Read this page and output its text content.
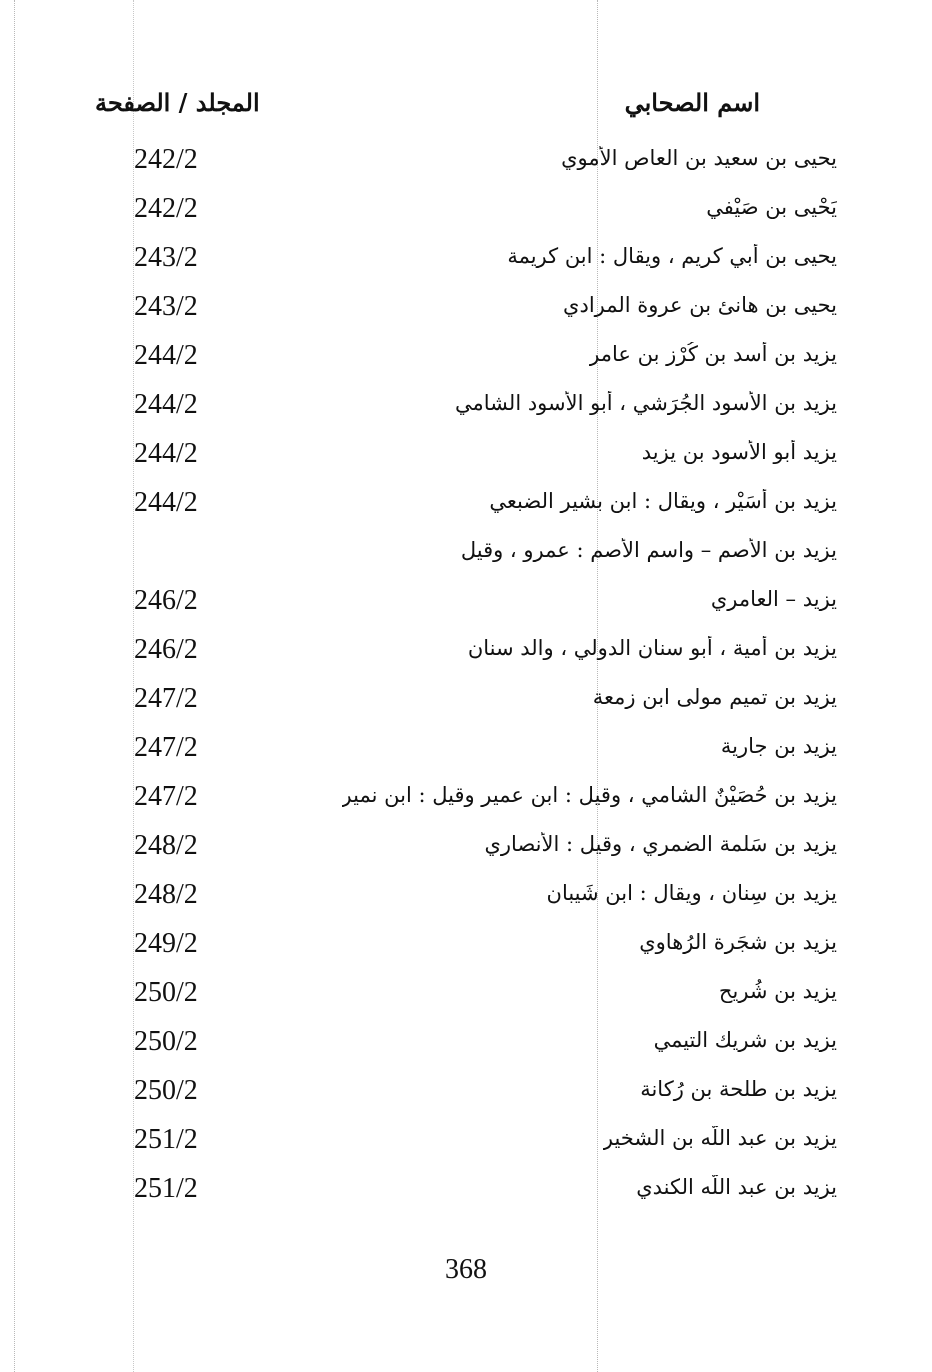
اسم الصحابي
المجلد / الصفحة
يحيى بن سعيد بن العاص الأموي
242/2
يَحْيى بن صَيْفي
242/2
يحيى بن أبي كريم ، ويقال : ابن كريمة
243/2
يحيى بن هانئ بن عروة المرادي
243/2
يزيد بن أسد بن كُرْز بن عامر
244/2
يزيد بن الأسود الجُرَشي ، أبو الأسود الشامي
244/2
يزيد أبو الأسود بن يزيد
244/2
يزيد بن أُسَيْر ، ويقال : ابن بشير الضبعي
244/2
يزيد بن الأصم – واسم الأصم : عمرو ، وقيل
يزيد – العامري
246/2
يزيد بن أمية ، أبو سنان الدولي ، والد سنان
246/2
يزيد بن تميم مولى ابن زمعة
247/2
يزيد بن جارية
247/2
يزيد بن حُصَيْنٌ الشامي ، وقيل : ابن عمير وقيل : ابن نمير
247/2
يزيد بن سَلمة الضمري ، وقيل : الأنصاري
248/2
يزيد بن سِنان ، ويقال : ابن شَيبان
248/2
يزيد بن شجَرة الرُهاوي
249/2
يزيد بن شُريح
250/2
يزيد بن شريك التيمي
250/2
يزيد بن طلحة بن رُكانة
250/2
يزيد بن عبد اللّه بن الشخير
251/2
يزيد بن عبد اللّه الكندي
251/2
368
